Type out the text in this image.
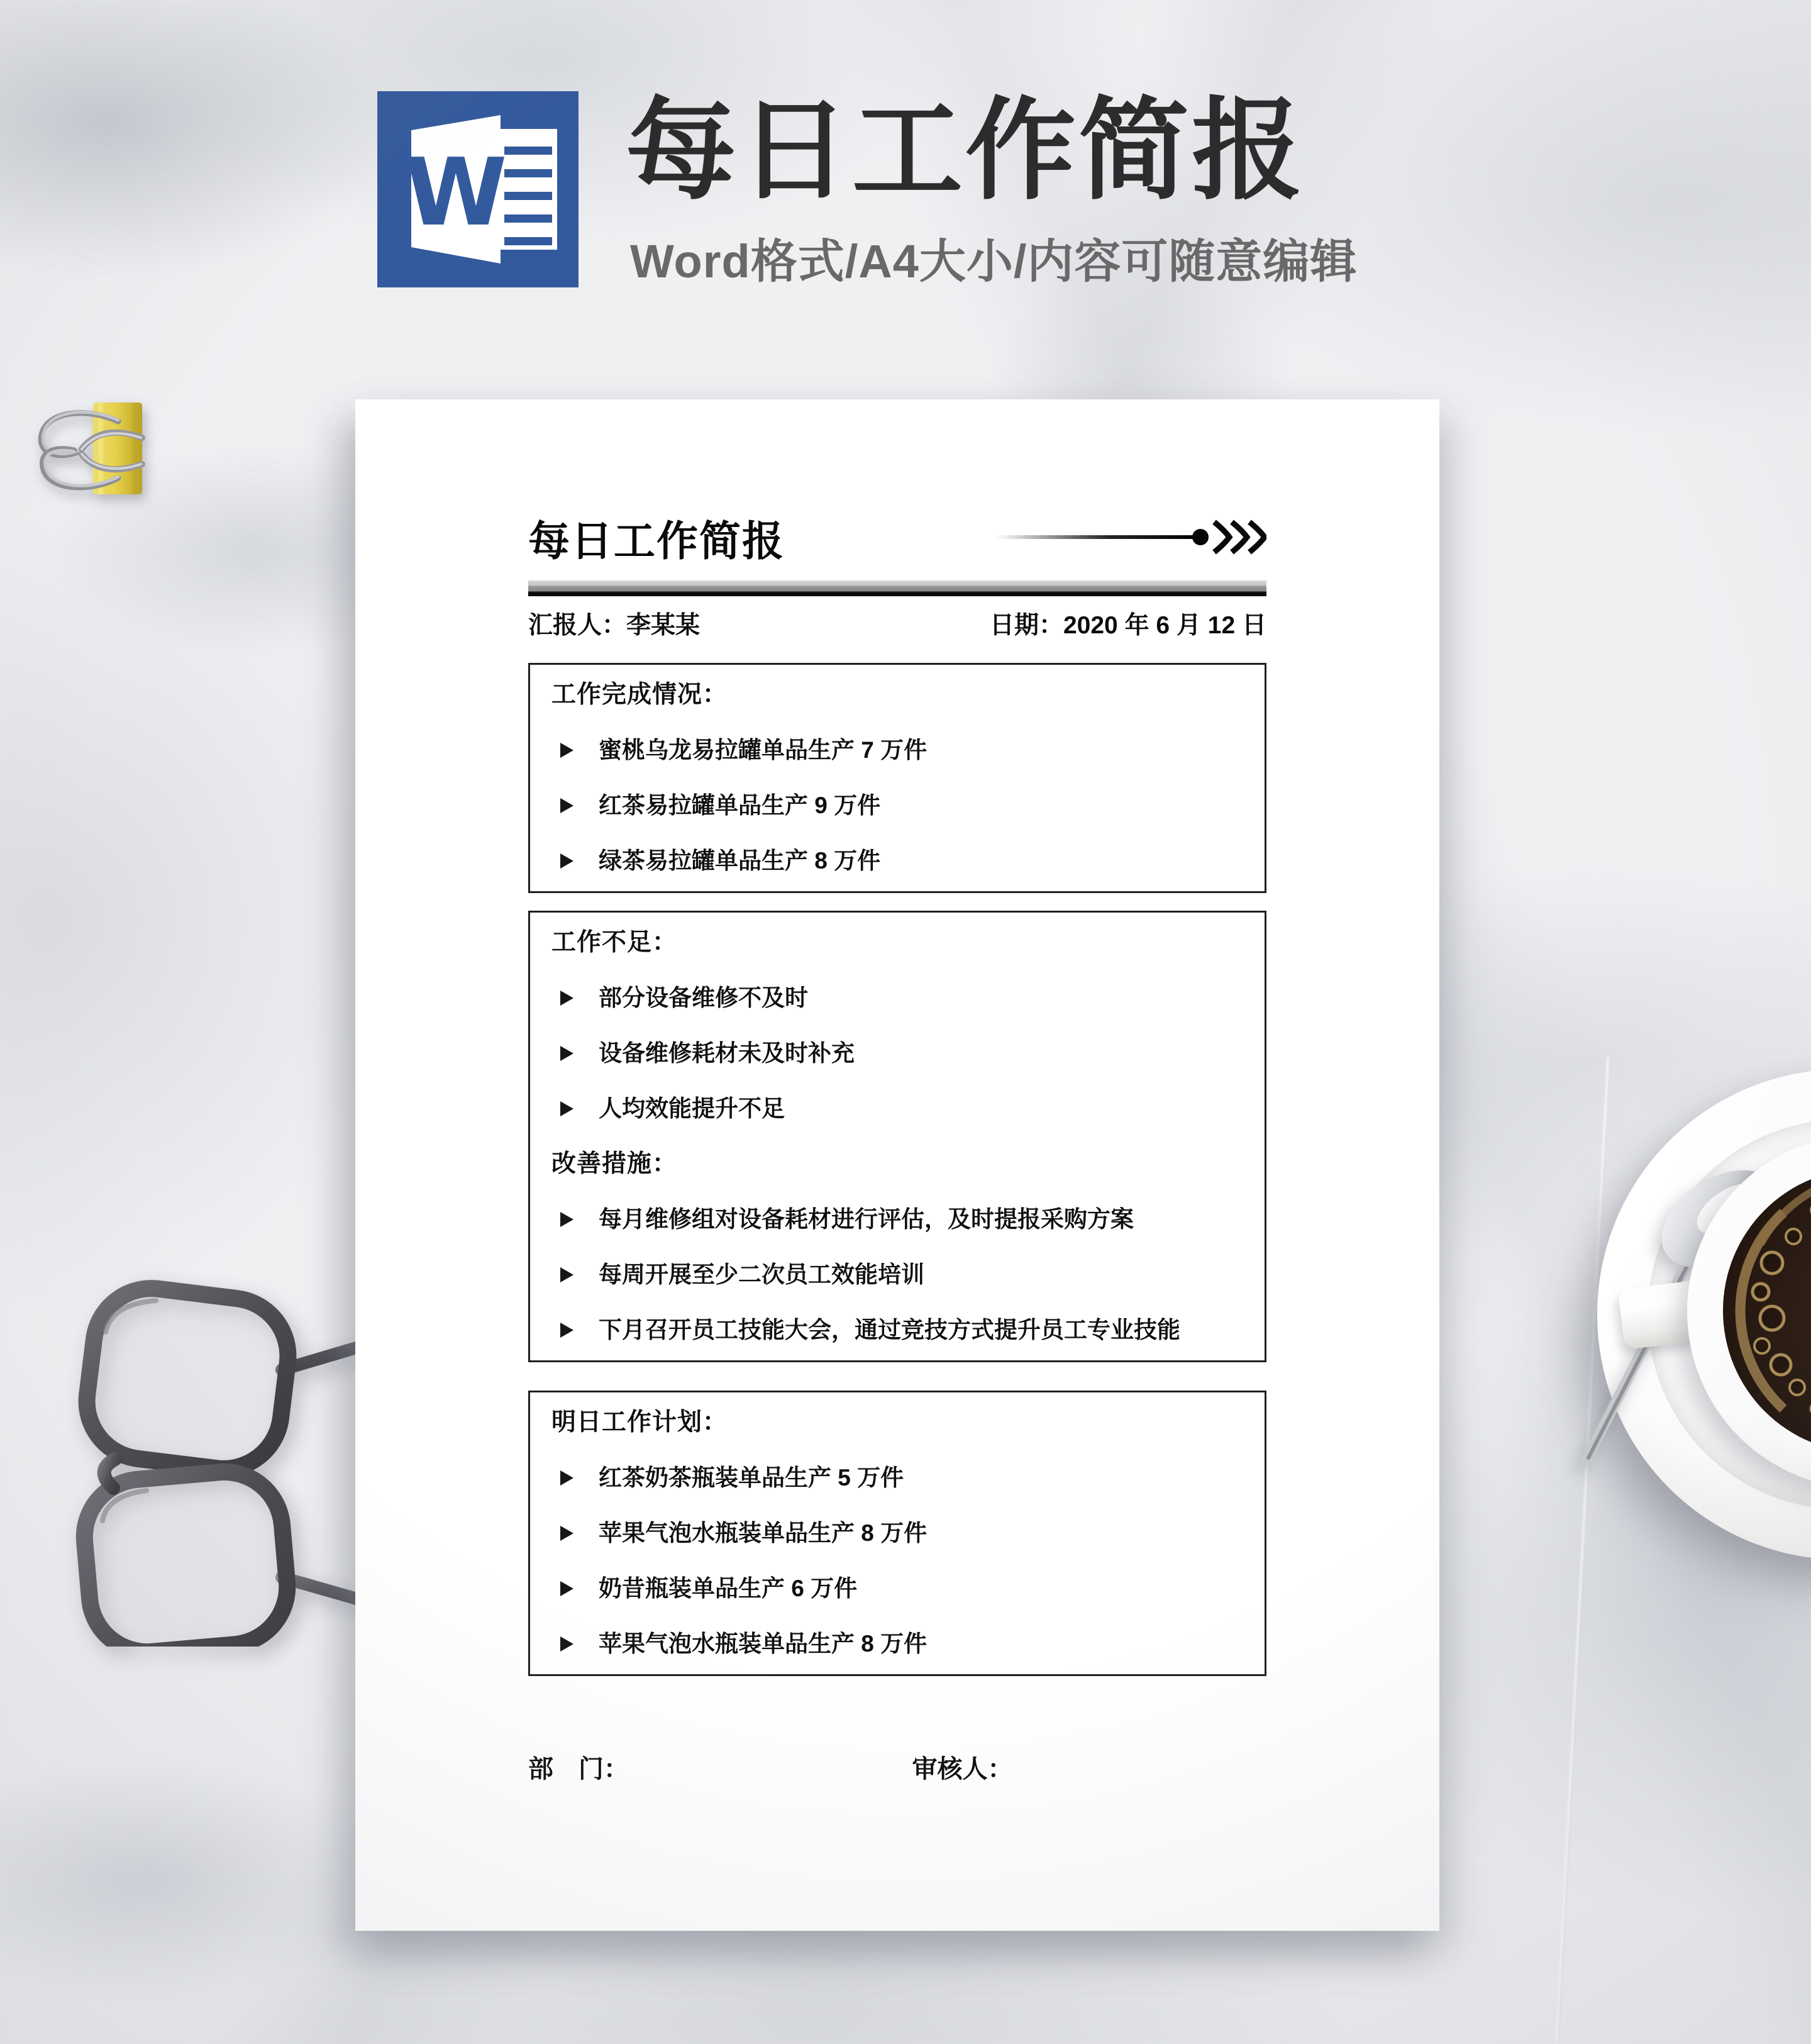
W 每日工作简报
Word格式/A4大小/内容可随意编辑
每日工作简报
汇报人：李某某	日期：2020 年 6 月 12 日
工作完成情况：
蜜桃乌龙易拉罐单品生产 7 万件
红茶易拉罐单品生产 9 万件
绿茶易拉罐单品生产 8 万件
工作不足：
部分设备维修不及时
设备维修耗材未及时补充
人均效能提升不足
改善措施：
每月维修组对设备耗材进行评估，及时提报采购方案
每周开展至少二次员工效能培训
下月召开员工技能大会，通过竞技方式提升员工专业技能
明日工作计划：
红茶奶茶瓶装单品生产 5 万件
苹果气泡水瓶装单品生产 8 万件
奶昔瓶装单品生产 6 万件
苹果气泡水瓶装单品生产 8 万件
部　门：	审核人：
